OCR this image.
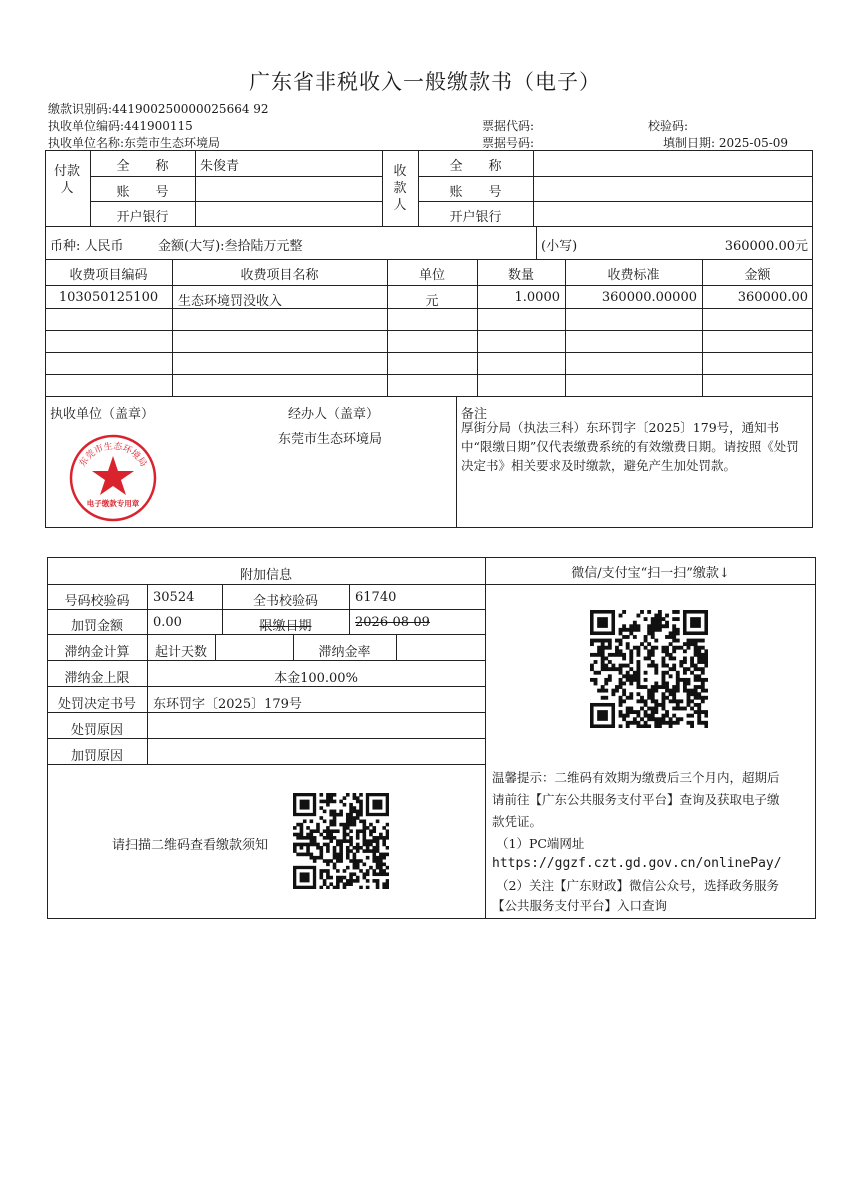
广东省非税收入一般缴款书（电子）
缴款识别码:441900250000025664 92
执收单位编码:441900115
执收单位名称:东莞市生态环境局
票据代码:
票据号码:
校验码:
填制日期: 2025-05-09
付款人
全　　称	朱俊青
账　　号
开户银行
收款人
全　　称
账　　号
开户银行
币种: 人民币	金额(大写):叁拾陆万元整	(小写)	360000.00元
收费项目编码	收费项目名称	单位	数量	收费标准	金额
103050125100	生态环境罚没收入	元	1.0000	360000.00000	360000.00
执收单位（盖章）	经办人（盖章）
东莞市生态环境局
备注
厚街分局（执法三科）东环罚字〔2025〕179号，通知书中“限缴日期”仅代表缴费系统的有效缴费日期。请按照《处罚决定书》相关要求及时缴款，避免产生加处罚款。
东莞市生态环境局
电子缴款专用章
附加信息	微信/支付宝“扫一扫”缴款↓
号码校验码	30524	全书校验码	61740
加罚金额	0.00	限缴日期	2026-08-09
滞纳金计算	起计天数	滞纳金率
滞纳金上限	本金100.00%
处罚决定书号	东环罚字〔2025〕179号
处罚原因
加罚原因
请扫描二维码查看缴款须知
温馨提示：二维码有效期为缴费后三个月内，超期后
请前往【广东公共服务支付平台】查询及获取电子缴
款凭证。
（1）PC端网址
https://ggzf.czt.gd.gov.cn/onlinePay/
（2）关注【广东财政】微信公众号，选择政务服务
【公共服务支付平台】入口查询
